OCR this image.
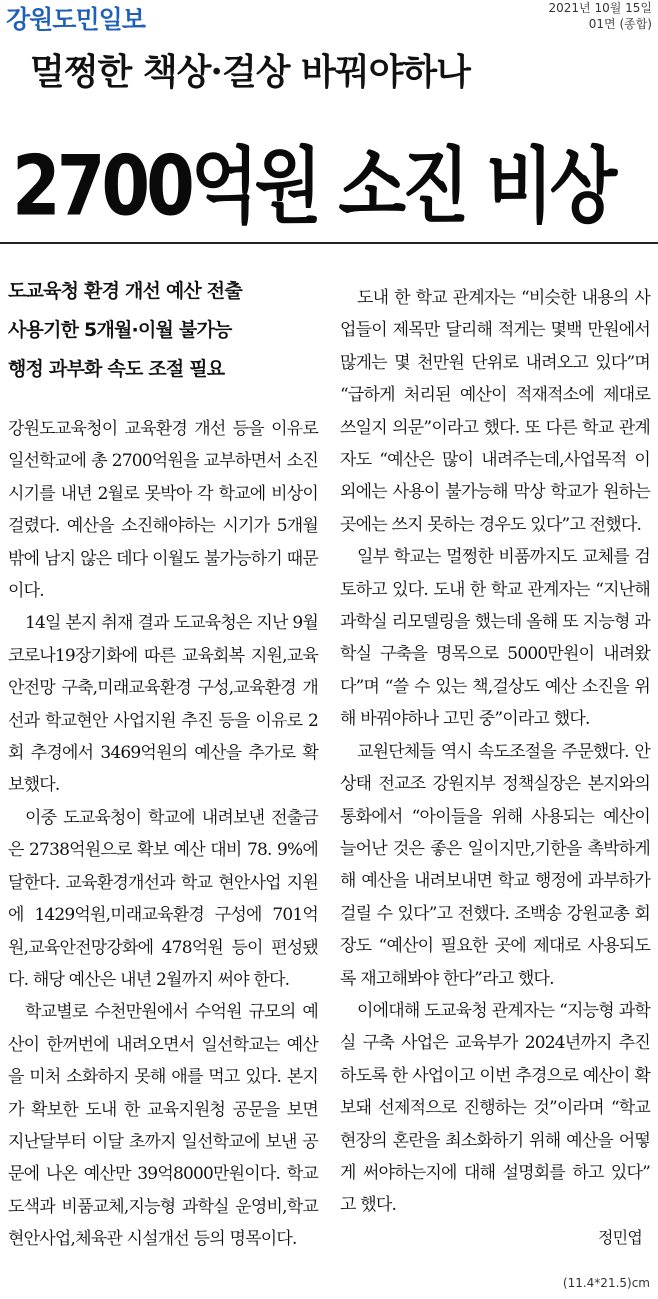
강원도민일보	2021년 10월 15일
01면 (종합)
멀쩡한 책상·걸상 바꿔야하나
2700억원 소진 비상
도교육청 환경 개선 예산 전출
사용기한 5개월·이월 불가능
행정 과부화 속도 조절 필요

강원도교육청이 교육환경 개선 등을 이유로 일선학교에 총 2700억원을 교부하면서 소진 시기를 내년 2월로 못박아 각 학교에 비상이 걸렸다. 예산을 소진해야하는 시기가 5개월밖에 남지 않은 데다 이월도 불가능하기 때문이다.

14일 본지 취재 결과 도교육청은 지난 9월 코로나19장기화에 따른 교육회복 지원,교육안전망 구축,미래교육환경 구성,교육환경 개선과 학교현안 사업지원 추진 등을 이유로 2회 추경에서 3469억원의 예산을 추가로 확보했다.

이중 도교육청이 학교에 내려보낸 전출금은 2738억원으로 확보 예산 대비 78. 9%에 달한다. 교육환경개선과 학교 현안사업 지원에 1429억원,미래교육환경 구성에 701억원,교육안전망강화에 478억원 등이 편성됐다. 해당 예산은 내년 2월까지 써야 한다.

학교별로 수천만원에서 수억원 규모의 예산이 한꺼번에 내려오면서 일선학교는 예산을 미처 소화하지 못해 애를 먹고 있다. 본지가 확보한 도내 한 교육지원청 공문을 보면 지난달부터 이달 초까지 일선학교에 보낸 공문에 나온 예산만 39억8000만원이다. 학교 도색과 비품교체,지능형 과학실 운영비,학교현안사업,체육관 시설개선 등의 명목이다.

도내 한 학교 관계자는 “비슷한 내용의 사업들이 제목만 달리해 적게는 몇백 만원에서 많게는 몇 천만원 단위로 내려오고 있다”며 “급하게 처리된 예산이 적재적소에 제대로 쓰일지 의문”이라고 했다. 또 다른 학교 관계자도 “예산은 많이 내려주는데,사업목적 이외에는 사용이 불가능해 막상 학교가 원하는 곳에는 쓰지 못하는 경우도 있다”고 전했다.

일부 학교는 멀쩡한 비품까지도 교체를 검토하고 있다. 도내 한 학교 관계자는 “지난해 과학실 리모델링을 했는데 올해 또 지능형 과학실 구축을 명목으로 5000만원이 내려왔다”며 “쓸 수 있는 책,걸상도 예산 소진을 위해 바꿔야하나 고민 중”이라고 했다.

교원단체들 역시 속도조절을 주문했다. 안상태 전교조 강원지부 정책실장은 본지와의 통화에서 “아이들을 위해 사용되는 예산이 늘어난 것은 좋은 일이지만,기한을 촉박하게 해 예산을 내려보내면 학교 행정에 과부하가 걸릴 수 있다”고 전했다. 조백송 강원교총 회장도 “예산이 필요한 곳에 제대로 사용되도록 재고해봐야 한다”라고 했다.

이에대해 도교육청 관계자는 “지능형 과학실 구축 사업은 교육부가 2024년까지 추진하도록 한 사업이고 이번 추경으로 예산이 확보돼 선제적으로 진행하는 것”이라며 “학교현장의 혼란을 최소화하기 위해 예산을 어떻게 써야하는지에 대해 설명회를 하고 있다” 고 했다.

정민엽
(11.4*21.5)cm
